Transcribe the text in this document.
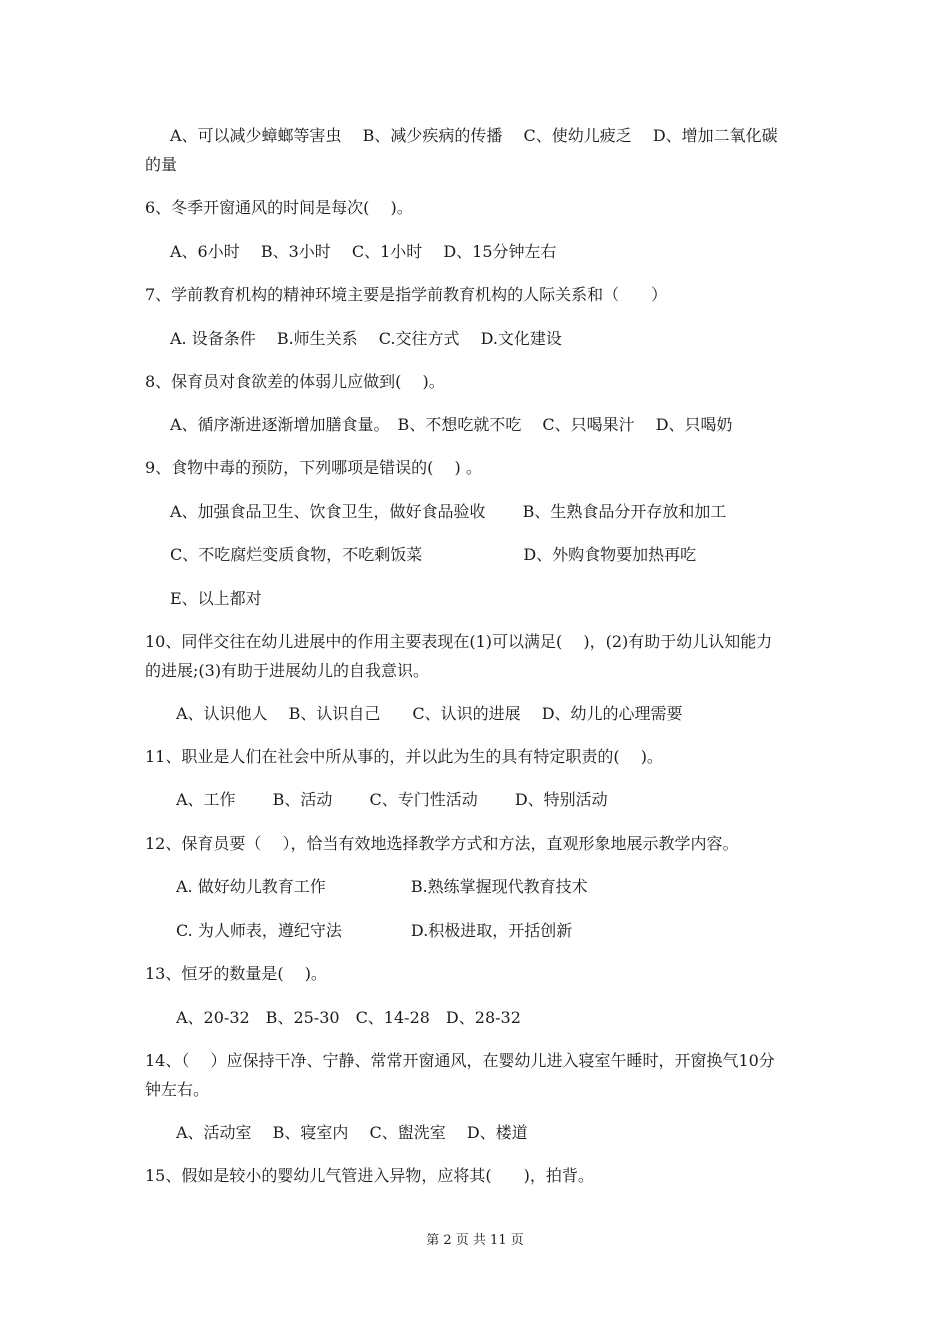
A、可以减少蟑螂等害虫　 B、减少疾病的传播　 C、使幼儿疲乏　 D、增加二氧化碳
的量
6、冬季开窗通风的时间是每次(　 )。
A、6小时　 B、3小时　 C、1小时　 D、15分钟左右
7、学前教育机构的精神环境主要是指学前教育机构的人际关系和（　　）
A. 设备条件　 B.师生关系　 C.交往方式　 D.文化建设
8、保育员对食欲差的体弱儿应做到(　 )。
A、循序渐进逐渐增加膳食量。　B、不想吃就不吃　 C、只喝果汁　 D、只喝奶
9、食物中毒的预防，下列哪项是错误的(　 ) 。
A、加强食品卫生、饮食卫生，做好食品验收　　 B、生熟食品分开存放和加工
C、不吃腐烂变质食物，不吃剩饭菜　　　　　　 D、外购食物要加热再吃
E、以上都对
10、同伴交往在幼儿进展中的作用主要表现在(1)可以满足(　 )，(2)有助于幼儿认知能力
的进展;(3)有助于进展幼儿的自我意识。
A、认识他人　 B、认识自己　　C、认识的进展　 D、幼儿的心理需要
11、职业是人们在社会中所从事的，并以此为生的具有特定职责的(　 )。
A、工作　　 B、活动　　 C、专门性活动　　 D、特别活动
12、保育员要（　 ），恰当有效地选择教学方式和方法，直观形象地展示教学内容。
A. 做好幼儿教育工作　　　　　 B.熟练掌握现代教育技术
C. 为人师表，遵纪守法　　　　 D.积极进取，开括创新
13、恒牙的数量是(　 )。
A、20-32　B、25-30　C、14-28　D、28-32
14、（　 ）应保持干净、宁静、常常开窗通风，在婴幼儿进入寝室午睡时，开窗换气10分
钟左右。
A、活动室　 B、寝室内　 C、盥洗室　 D、楼道
15、假如是较小的婴幼儿气管进入异物，应将其(　　)，拍背。
第 2 页 共 11 页
